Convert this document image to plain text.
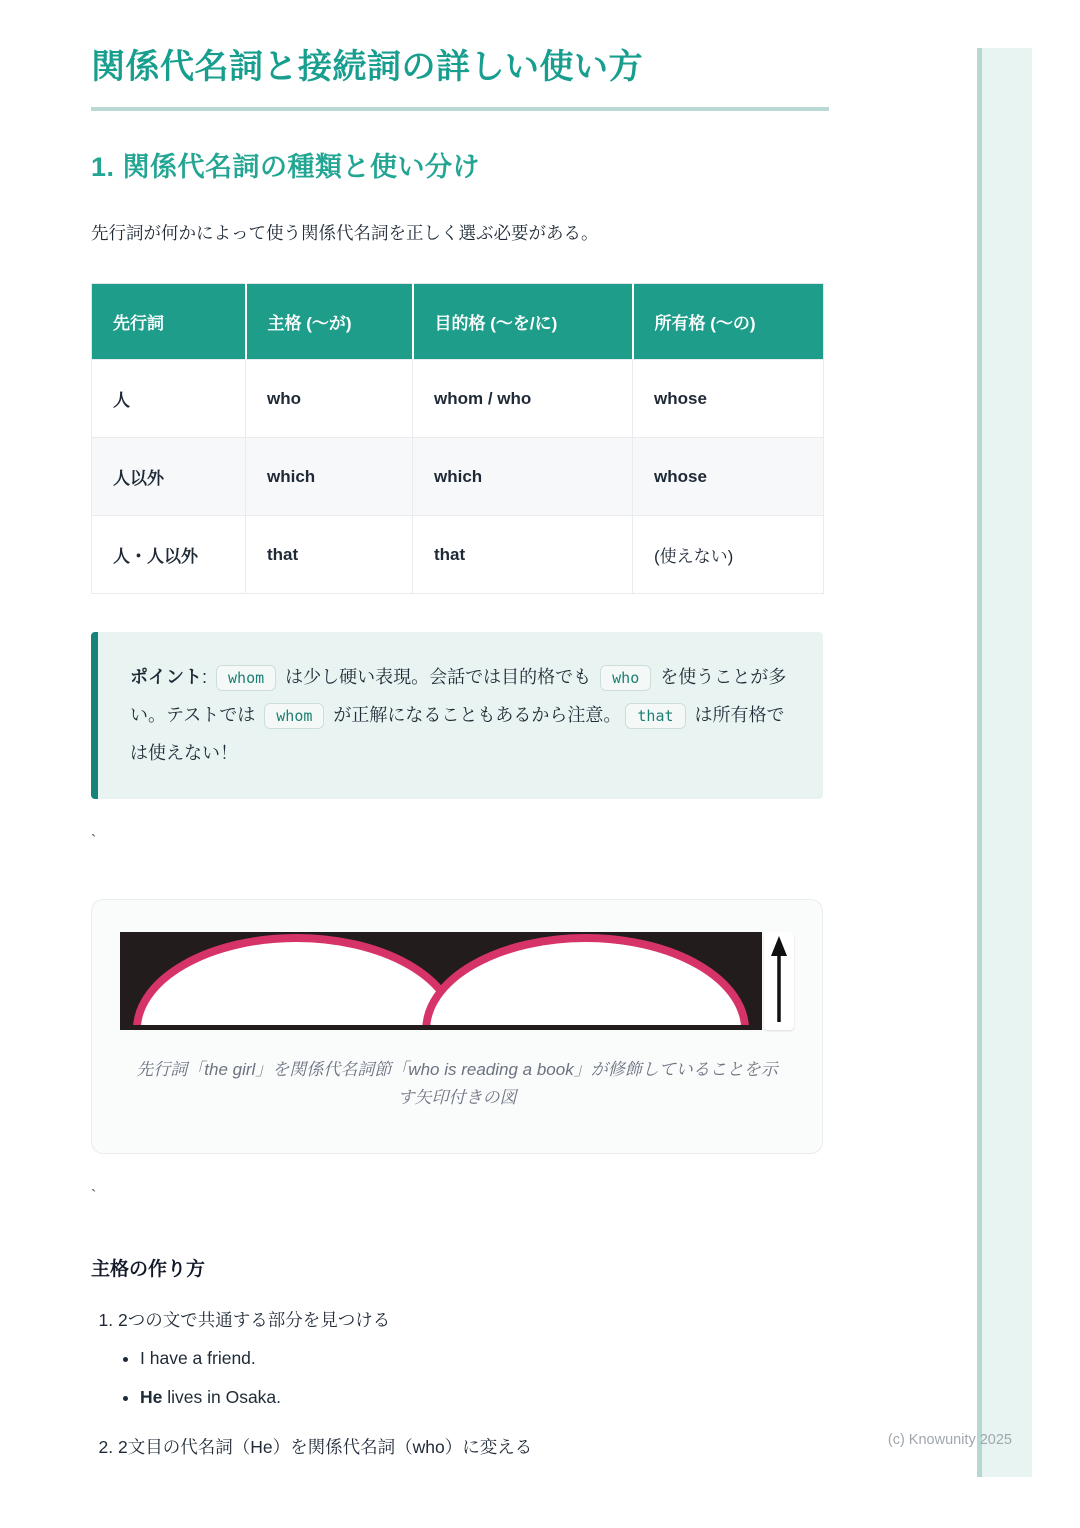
関係代名詞と接続詞の詳しい使い方
1. 関係代名詞の種類と使い分け

先行詞が何かによって使う関係代名詞を正しく選ぶ必要がある。

先行詞	主格 (〜が)	目的格 (〜を/に)	所有格 (〜の)
人	who	whom / who	whose
人以外	which	which	whose
人・人以外	that	that	(使えない)

ポイント: whom は少し硬い表現。会話では目的格でも who を使うことが多い。テストでは whom が正解になることもあるから注意。 that は所有格では使えない！

`
先行詞「the girl」を関係代名詞節「who is reading a book」が修飾していることを示す矢印付きの図
`
主格の作り方
1. 2つの文で共通する部分を見つける
• I have a friend.
• He lives in Osaka.
2. 2文目の代名詞（He）を関係代名詞（who）に変える	(c) Knowunity 2025
